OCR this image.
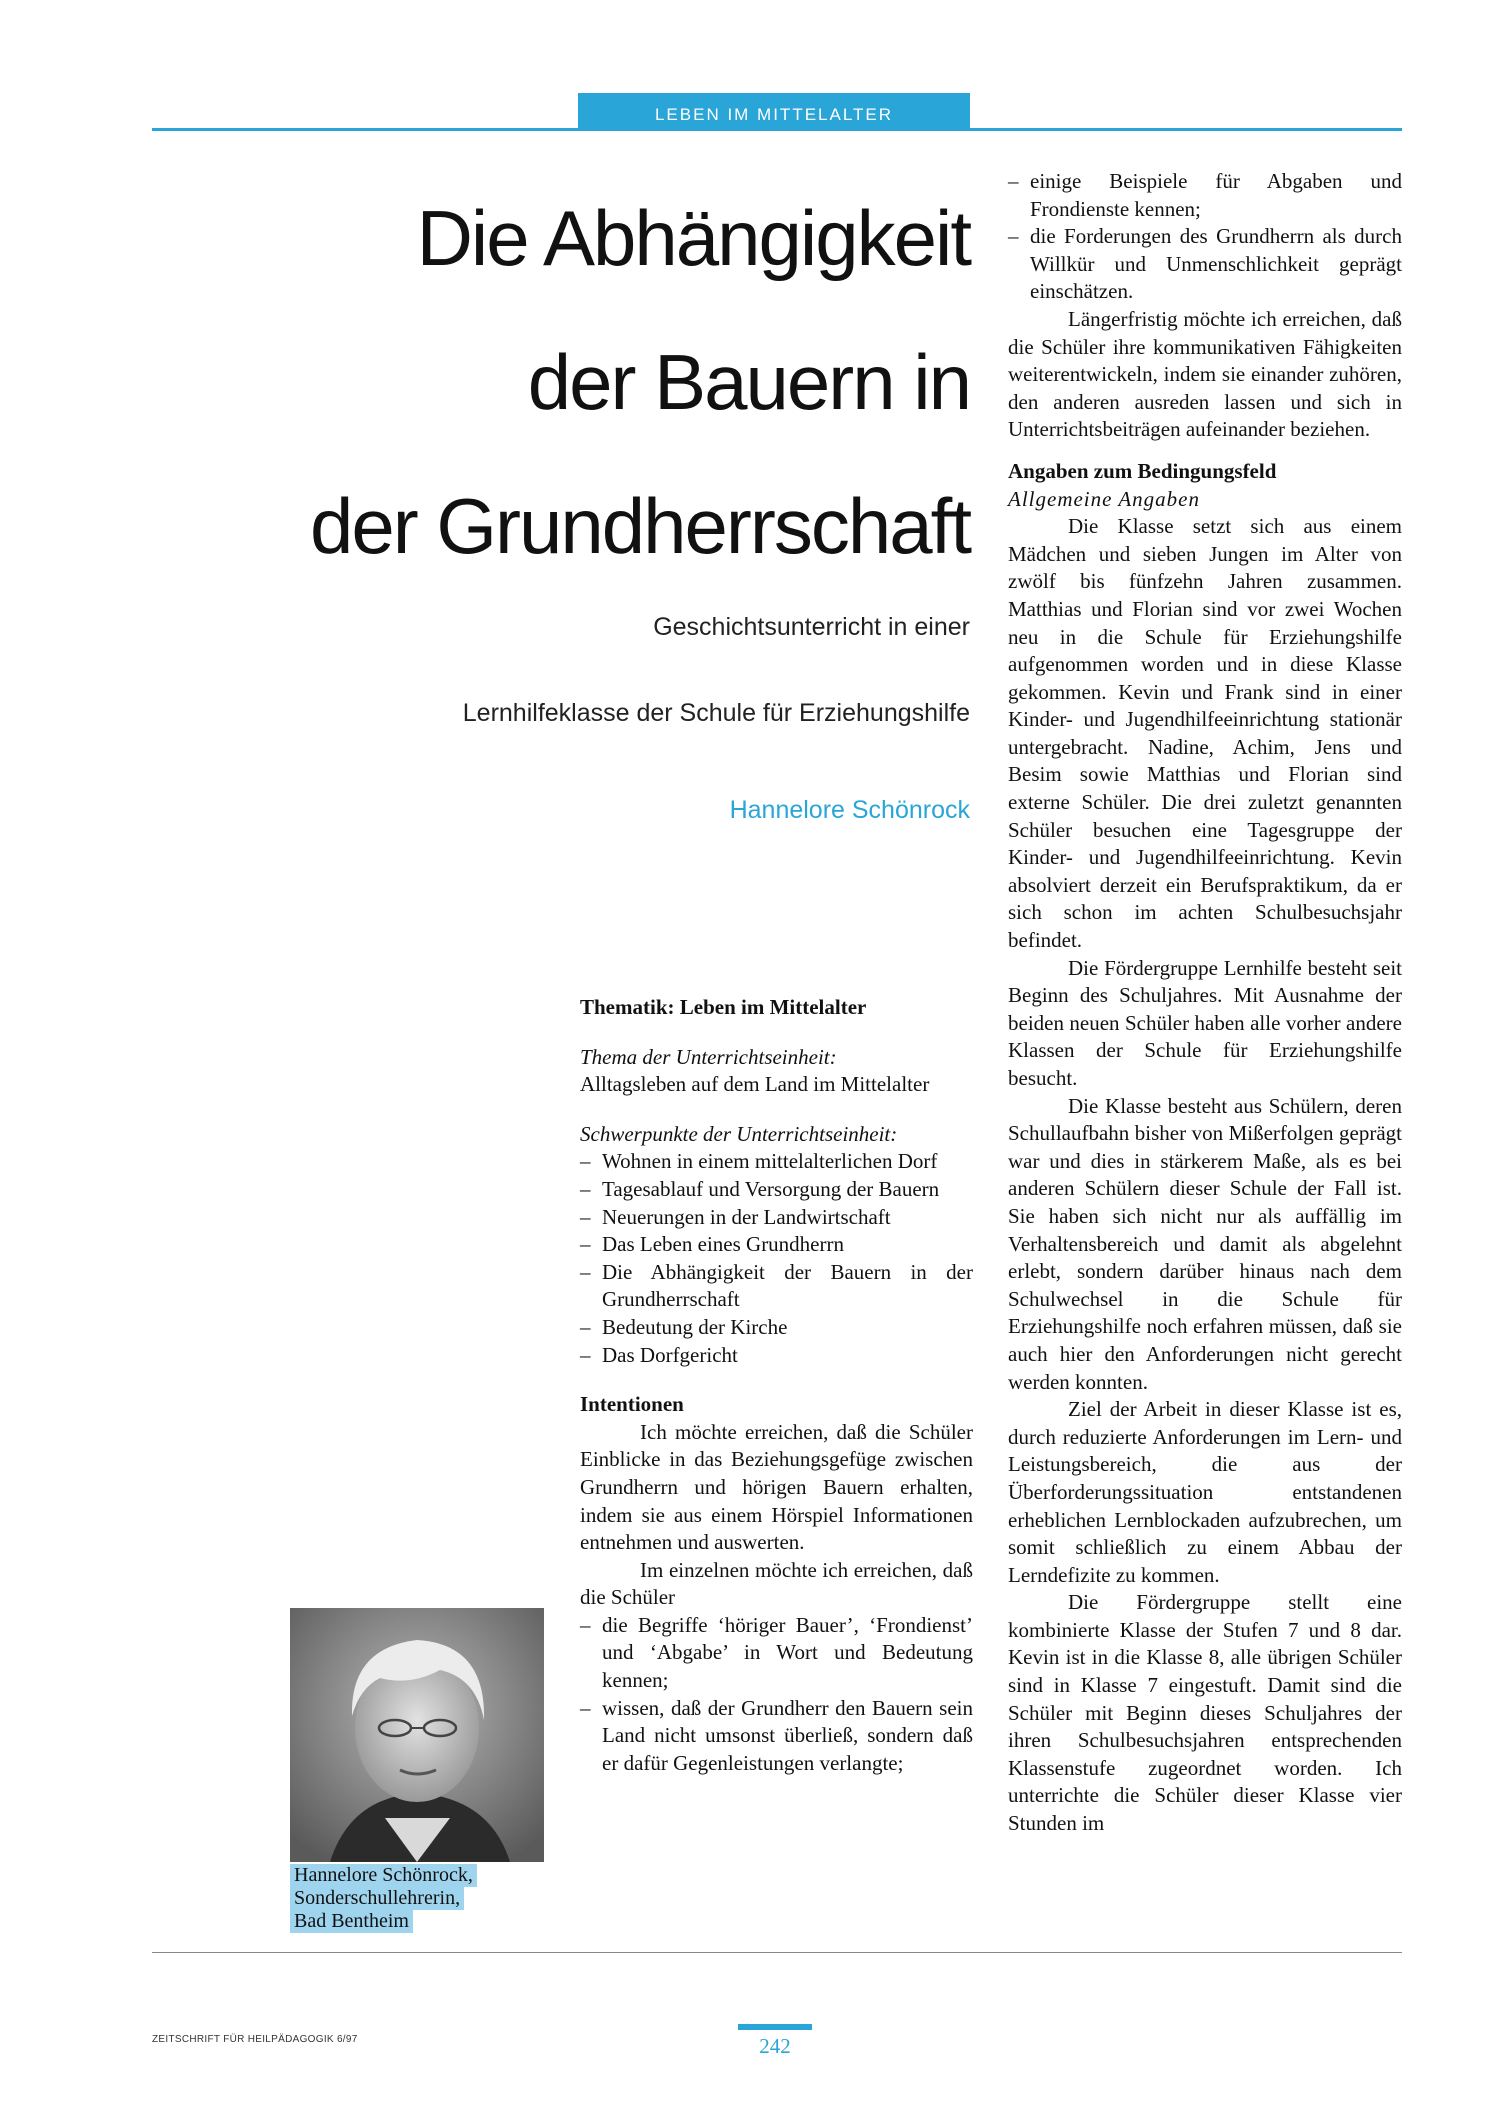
LEBEN IM MITTELALTER
Die Abhängigkeit
der Bauern in
der Grundherrschaft
Geschichtsunterricht in einer
Lernhilfeklasse der Schule für Erziehungshilfe
Hannelore Schönrock

Thematik: Leben im Mittelalter

Thema der Unterrichtseinheit:

Alltagsleben auf dem Land im Mittelalter

Schwerpunkte der Unterrichtseinheit:

– Wohnen in einem mittelalterlichen Dorf
– Tagesablauf und Versorgung der Bauern
– Neuerungen in der Landwirtschaft
– Das Leben eines Grundherrn
– Die Abhängigkeit der Bauern in der Grundherrschaft
– Bedeutung der Kirche
– Das Dorfgericht

Intentionen

Ich möchte erreichen, daß die Schüler Einblicke in das Beziehungsgefüge zwischen Grundherrn und hörigen Bauern erhalten, indem sie aus einem Hörspiel Informationen entnehmen und auswerten.

Im einzelnen möchte ich erreichen, daß die Schüler

– die Begriffe ‘höriger Bauer’, ‘Frondienst’ und ‘Abgabe’ in Wort und Bedeutung kennen;
– wissen, daß der Grundherr den Bauern sein Land nicht umsonst überließ, sondern daß er dafür Gegenleistungen verlangte;
– einige Beispiele für Abgaben und Frondienste kennen;
– die Forderungen des Grundherrn als durch Willkür und Unmenschlichkeit geprägt einschätzen.

Längerfristig möchte ich erreichen, daß die Schüler ihre kommunikativen Fähigkeiten weiterentwickeln, indem sie einander zuhören, den anderen ausreden lassen und sich in Unterrichtsbeiträgen aufeinander beziehen.

Angaben zum Bedingungsfeld

Allgemeine Angaben

Die Klasse setzt sich aus einem Mädchen und sieben Jungen im Alter von zwölf bis fünfzehn Jahren zusammen. Matthias und Florian sind vor zwei Wochen neu in die Schule für Erziehungshilfe aufgenommen worden und in diese Klasse gekommen. Kevin und Frank sind in einer Kinder- und Jugendhilfeeinrichtung stationär untergebracht. Nadine, Achim, Jens und Besim sowie Matthias und Florian sind externe Schüler. Die drei zuletzt genannten Schüler besuchen eine Tagesgruppe der Kinder- und Jugendhilfeeinrichtung. Kevin absolviert derzeit ein Berufspraktikum, da er sich schon im achten Schulbesuchsjahr befindet.

Die Fördergruppe Lernhilfe besteht seit Beginn des Schuljahres. Mit Ausnahme der beiden neuen Schüler haben alle vorher andere Klassen der Schule für Erziehungshilfe besucht.

Die Klasse besteht aus Schülern, deren Schullaufbahn bisher von Mißerfolgen geprägt war und dies in stärkerem Maße, als es bei anderen Schülern dieser Schule der Fall ist. Sie haben sich nicht nur als auffällig im Verhaltensbereich und damit als abgelehnt erlebt, sondern darüber hinaus nach dem Schulwechsel in die Schule für Erziehungshilfe noch erfahren müssen, daß sie auch hier den Anforderungen nicht gerecht werden konnten.

Ziel der Arbeit in dieser Klasse ist es, durch reduzierte Anforderungen im Lern- und Leistungsbereich, die aus der Überforderungssituation entstandenen erheblichen Lernblockaden aufzubrechen, um somit schließlich zu einem Abbau der Lerndefizite zu kommen.

Die Fördergruppe stellt eine kombinierte Klasse der Stufen 7 und 8 dar. Kevin ist in die Klasse 8, alle übrigen Schüler sind in Klasse 7 eingestuft. Damit sind die Schüler mit Beginn dieses Schuljahres der ihren Schulbesuchsjahren entsprechenden Klassenstufe zugeordnet worden. Ich unterrichte die Schüler dieser Klasse vier Stunden im

Hannelore Schönrock,
Sonderschullehrerin,
Bad Bentheim
ZEITSCHRIFT FÜR HEILPÄDAGOGIK 6/97	242
